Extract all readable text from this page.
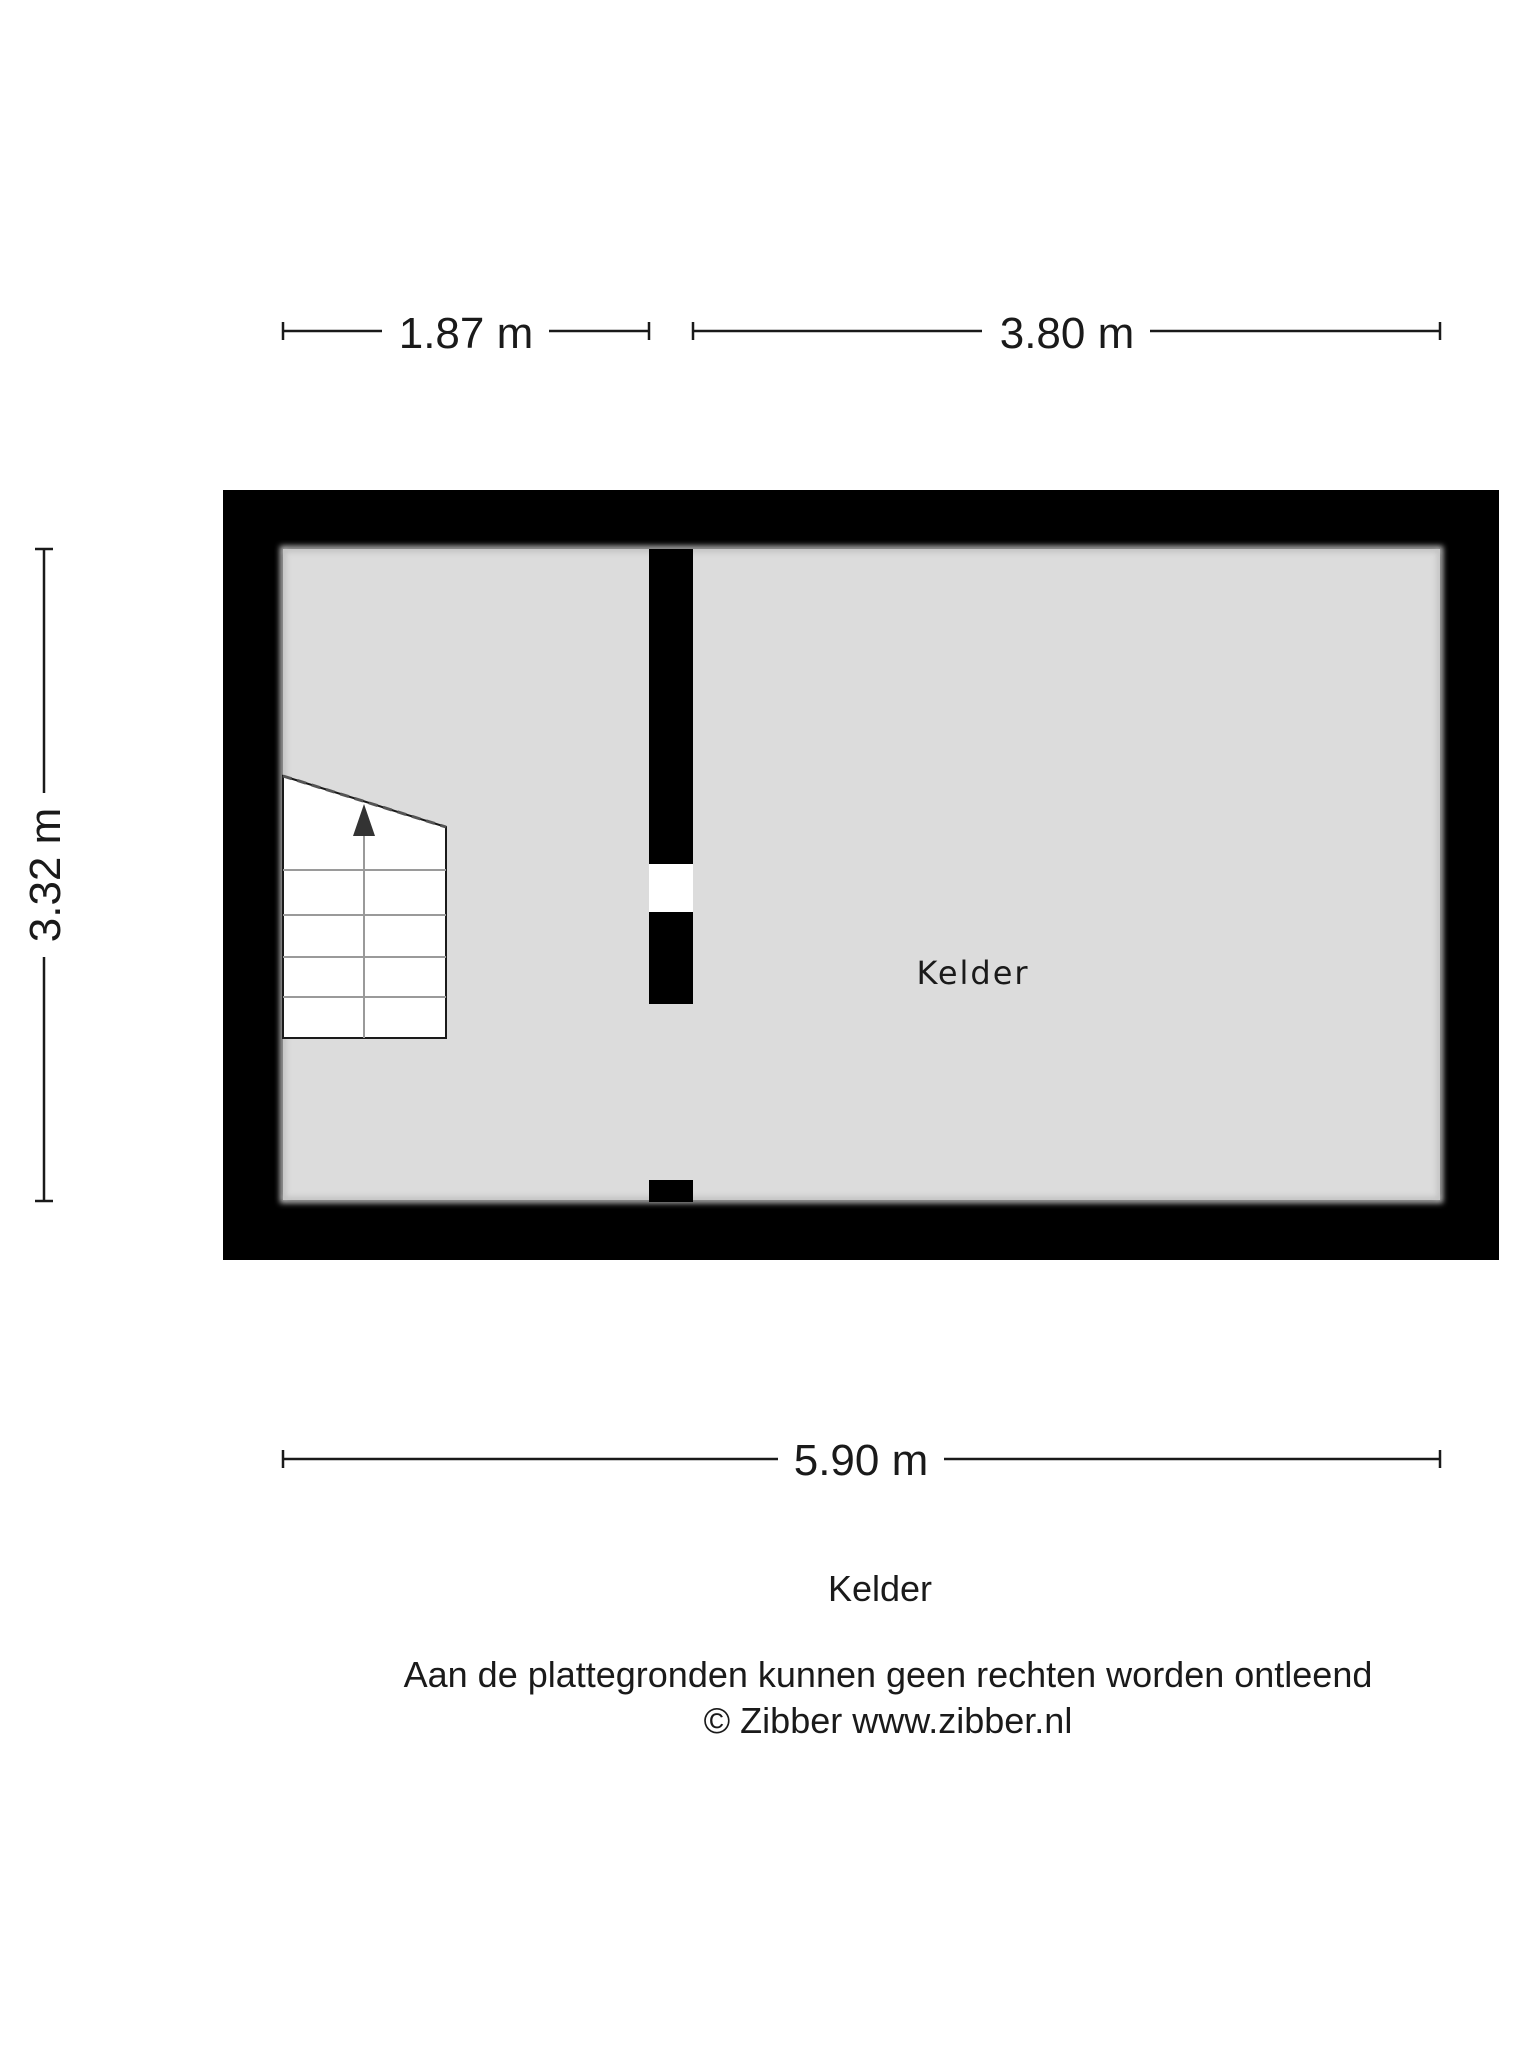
1.87 m	3.80 m
3.32 m
Kelder
5.90 m
Kelder
Aan de plattegronden kunnen geen rechten worden ontleend
© Zibber www.zibber.nl
